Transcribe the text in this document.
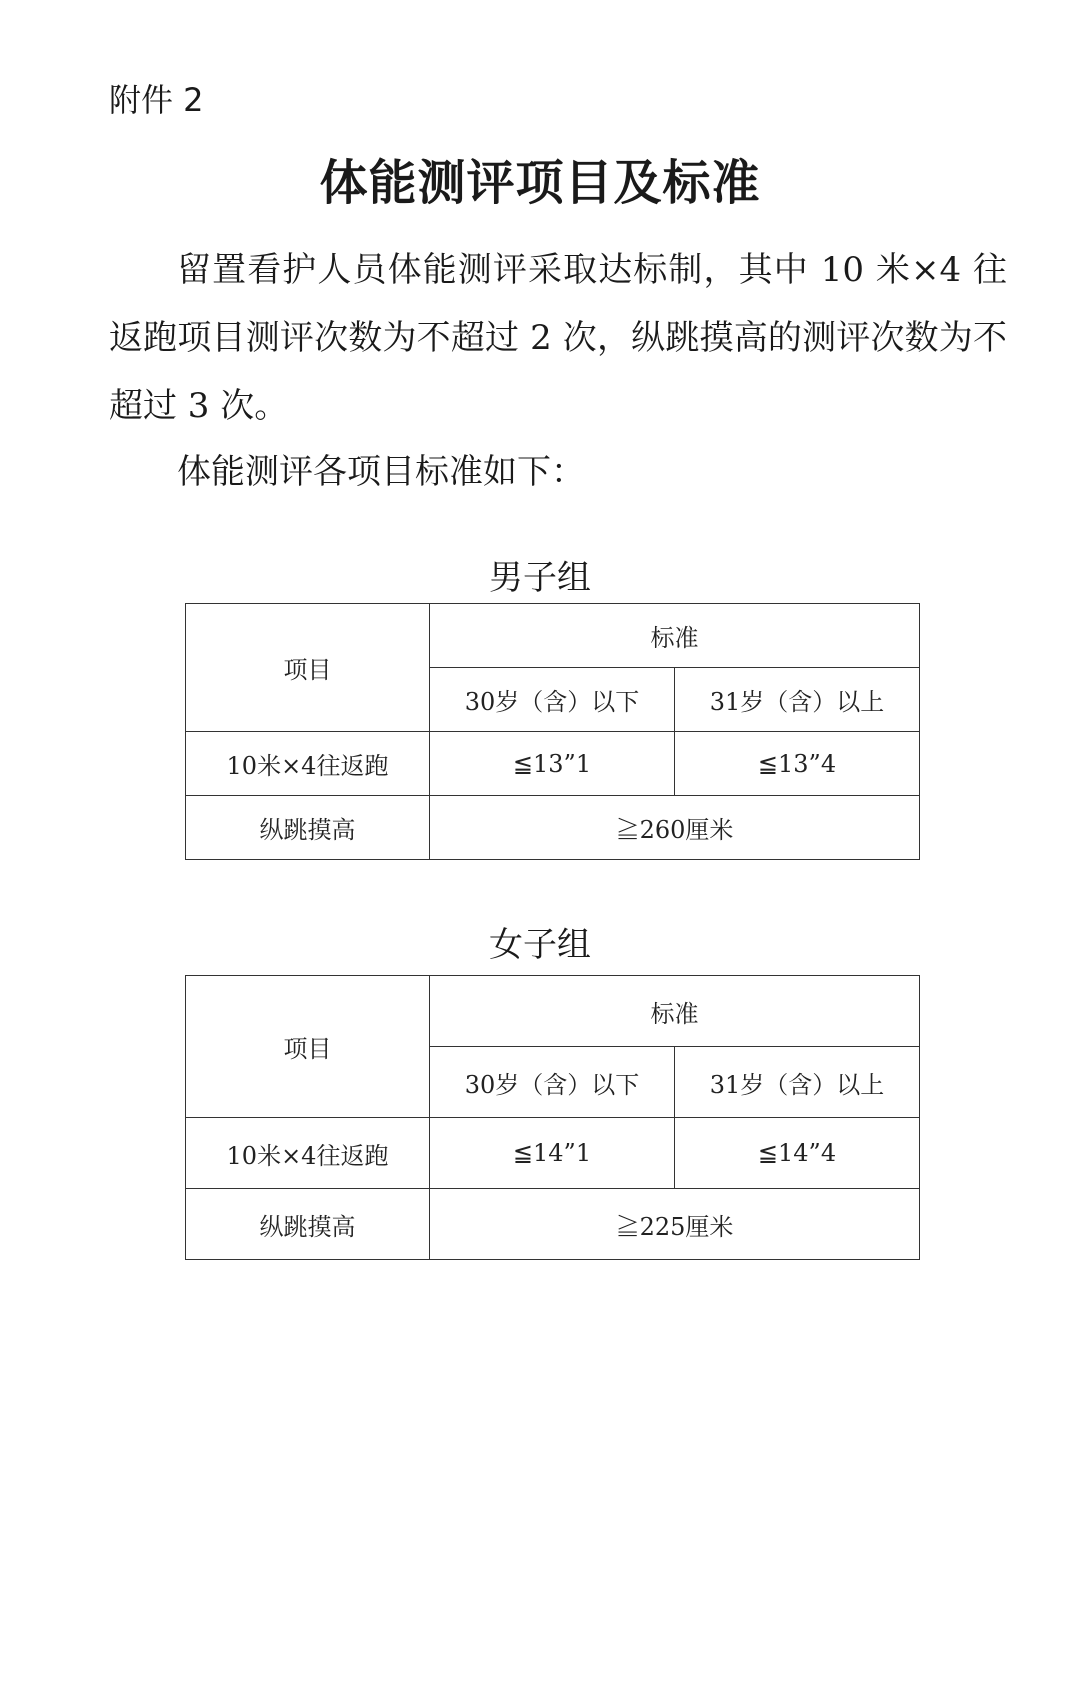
附件 2
体能测评项目及标准

留置看护人员体能测评采取达标制，其中 10 米×4 往返跑项目测评次数为不超过 2 次，纵跳摸高的测评次数为不超过 3 次。

体能测评各项目标准如下：

男子组
项目	标准	
	30岁（含）以下	31岁（含）以上
10米×4往返跑	≦13”1	≦13”4
纵跳摸高	≧260厘米	
女子组
项目	标准	
	30岁（含）以下	31岁（含）以上
10米×4往返跑	≦14”1	≦14”4
纵跳摸高	≧225厘米	
